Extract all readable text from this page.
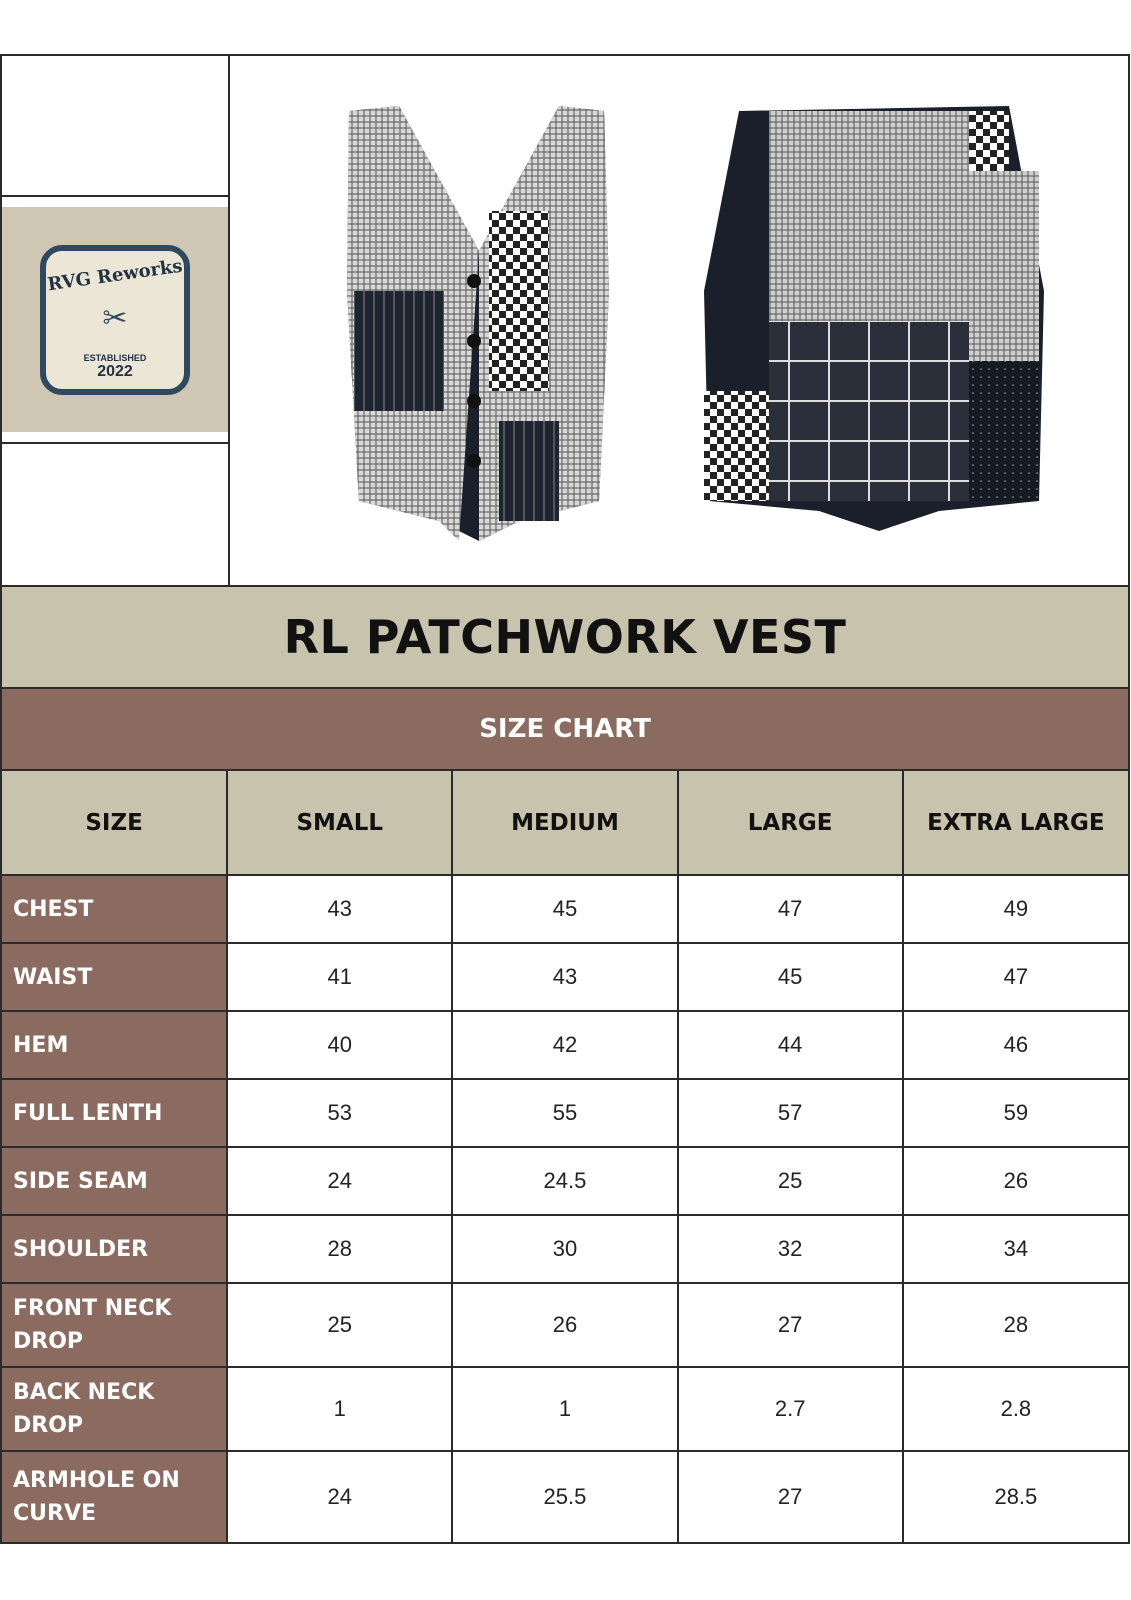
RVG Reworks
✂
ESTABLISHED
2022
RL PATCHWORK VEST
SIZE CHART
SIZE	SMALL	MEDIUM	LARGE	EXTRA LARGE
CHEST	43	45	47	49
WAIST	41	43	45	47
HEM	40	42	44	46
FULL LENTH	53	55	57	59
SIDE SEAM	24	24.5	25	26
SHOULDER	28	30	32	34
FRONT NECK DROP	25	26	27	28
BACK NECK DROP	1	1	2.7	2.8
ARMHOLE ON CURVE	24	25.5	27	28.5
